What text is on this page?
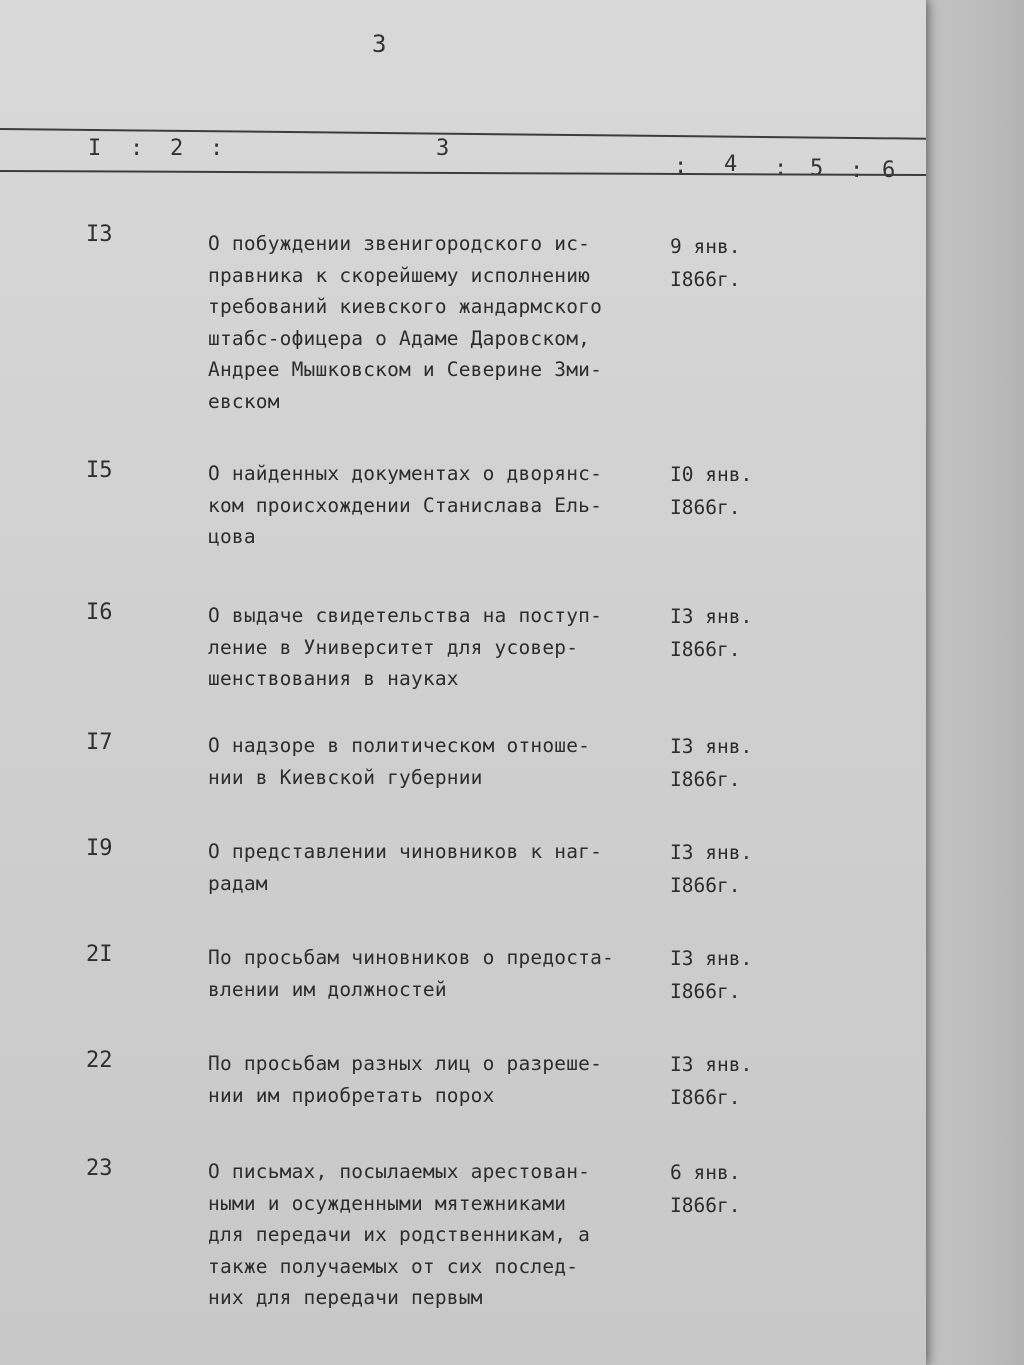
3
I : 2 :	3
: 4 : 5 : 6
I3	О побуждении звенигородского ис-
правника к скорейшему исполнению
требований киевского жандармского
штабс-офицера о Адаме Даровском,
Андрее Мышковском и Северине Зми-
евском
9 янв.
I866г.
I5	О найденных документах о дворянс-
ком происхождении Станислава Ель-
цова
I0 янв.
I866г.
I6	О выдаче свидетельства на поступ-
ление в Университет для усовер-
шенствования в науках
I3 янв.
I866г.
I7	О надзоре в политическом отноше-
нии в Киевской губернии
I3 янв.
I866г.
I9	О представлении чиновников к наг-
радам
I3 янв.
I866г.
2I	По просьбам чиновников о предоста-
влении им должностей
I3 янв.
I866г.
22	По просьбам разных лиц о разреше-
нии им приобретать порох
I3 янв.
I866г.
23	О письмах, посылаемых арестован-
ными и осужденными мятежниками
для передачи их родственникам, а
также получаемых от сих послед-
них для передачи первым
6 янв.
I866г.
